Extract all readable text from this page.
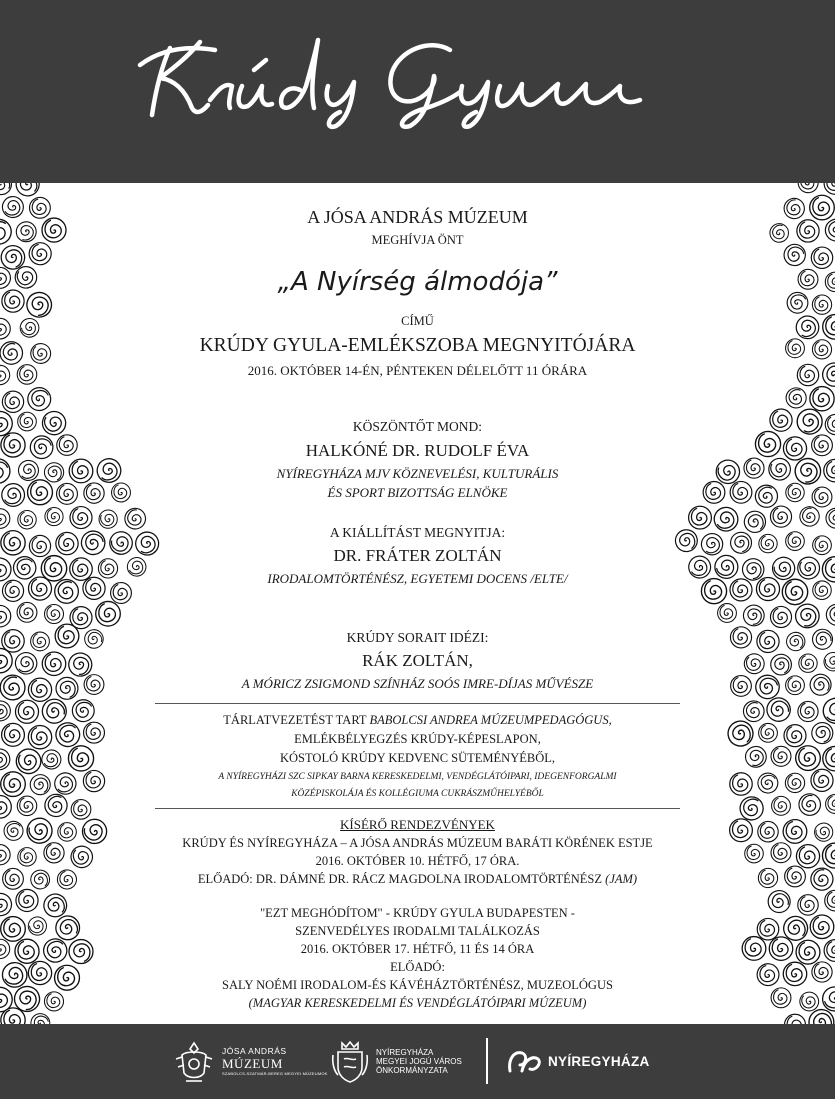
A JÓSA ANDRÁS MÚZEUM
MEGHÍVJA ÖNT
„A Nyírség álmodója”
CÍMŰ
KRÚDY GYULA-EMLÉKSZOBA MEGNYITÓJÁRA
2016. OKTÓBER 14-ÉN, PÉNTEKEN DÉLELŐTT 11 ÓRÁRA
KÖSZÖNTŐT MOND:
HALKÓNÉ DR. RUDOLF ÉVA
NYÍREGYHÁZA MJV KÖZNEVELÉSI, KULTURÁLIS
ÉS SPORT BIZOTTSÁG ELNÖKE
A KIÁLLÍTÁST MEGNYITJA:
DR. FRÁTER ZOLTÁN
IRODALOMTÖRTÉNÉSZ, EGYETEMI DOCENS /ELTE/
KRÚDY SORAIT IDÉZI:
RÁK ZOLTÁN,
A MÓRICZ ZSIGMOND SZÍNHÁZ SOÓS IMRE-DÍJAS MŰVÉSZE
TÁRLATVEZETÉST TART BABOLCSI ANDREA MÚZEUMPEDAGÓGUS,
EMLÉKBÉLYEGZÉS KRÚDY-KÉPESLAPON,
KÓSTOLÓ KRÚDY KEDVENC SÜTEMÉNYÉBŐL,
A NYÍREGYHÁZI SZC SIPKAY BARNA KERESKEDELMI, VENDÉGLÁTÓIPARI, IDEGENFORGALMI
KÖZÉPISKOLÁJA ÉS KOLLÉGIUMA CUKRÁSZMŰHELYÉBŐL
KÍSÉRŐ RENDEZVÉNYEK
KRÚDY ÉS NYÍREGYHÁZA – A JÓSA ANDRÁS MÚZEUM BARÁTI KÖRÉNEK ESTJE
2016. OKTÓBER 10. HÉTFŐ, 17 ÓRA.
ELŐADÓ: DR. DÁMNÉ DR. RÁCZ MAGDOLNA IRODALOMTÖRTÉNÉSZ (JAM)
"EZT MEGHÓDÍTOM" - KRÚDY GYULA BUDAPESTEN -
SZENVEDÉLYES IRODALMI TALÁLKOZÁS
2016. OKTÓBER 17. HÉTFŐ, 11 ÉS 14 ÓRA
ELŐADÓ:
SALY NOÉMI IRODALOM-ÉS KÁVÉHÁZTÖRTÉNÉSZ, MUZEOLÓGUS
(MAGYAR KERESKEDELMI ÉS VENDÉGLÁTÓIPARI MÚZEUM)
JÓSA ANDRÁS
MÚZEUM
SZABOLCS-SZATMÁR-BEREG MEGYEI MÚZEUMOK
NYÍREGYHÁZA
MEGYEI JOGÚ VÁROS
ÖNKORMÁNYZATA
NYÍREGYHÁZA
